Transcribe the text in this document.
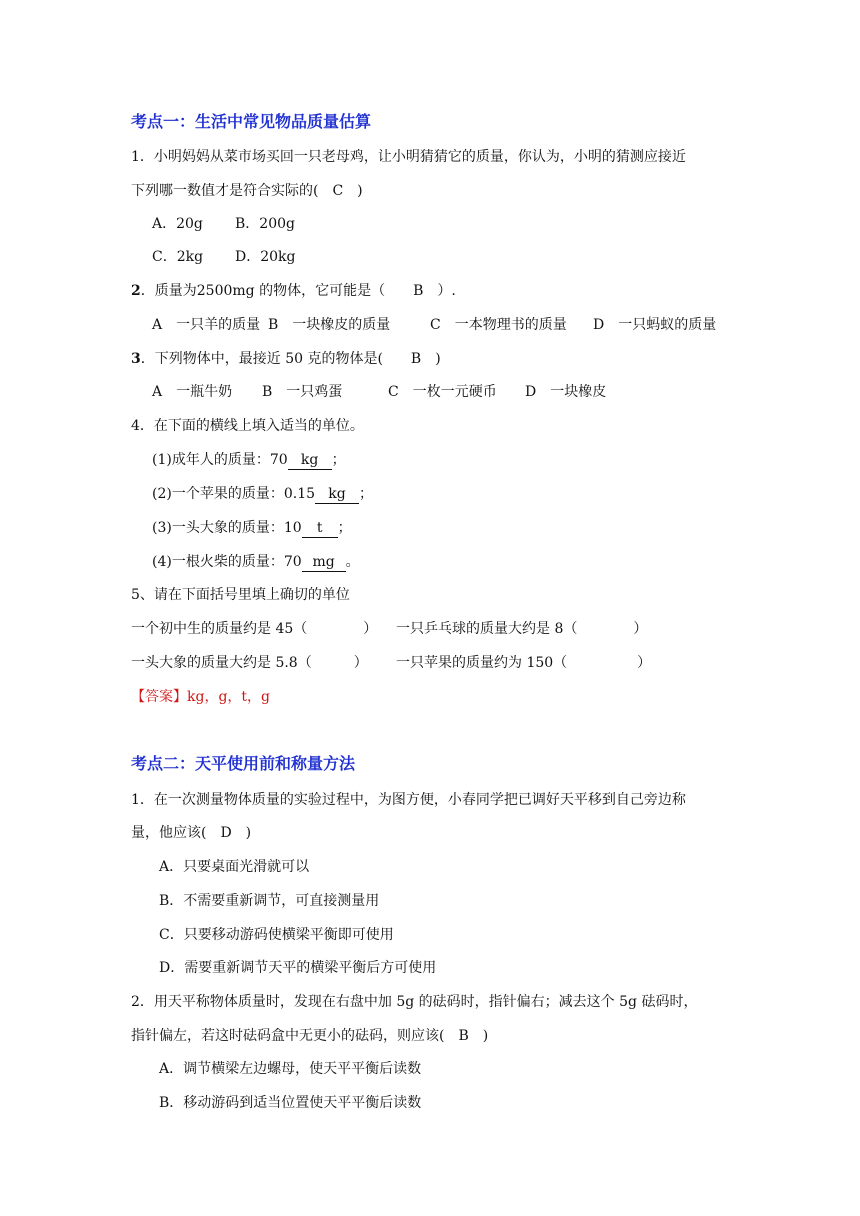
考点一：生活中常见物品质量估算
1．小明妈妈从菜市场买回一只老母鸡，让小明猜猜它的质量，你认为，小明的猜测应接近
下列哪一数值才是符合实际的(　C　)
A．20g B．200g
C．2kg D．20kg
2．质量为2500mg 的物体，它可能是（　　B　）.
A　一只羊的质量 B　一块橡皮的质量	C　一本物理书的质量 D　一只蚂蚁的质量
3．下列物体中，最接近 50 克的物体是(　　B　)
A　一瓶牛奶 B　一只鸡蛋	C　一枚一元硬币 D　一块橡皮
4．在下面的横线上填入适当的单位。
(1)成年人的质量：70 kg ；
(2)一个苹果的质量：0.15 kg ；
(3)一头大象的质量：10 t ；
(4)一根火柴的质量：70 mg 。
5、请在下面括号里填上确切的单位
一个初中生的质量约是 45（　　　　） 一只乒乓球的质量大约是 8（　　　　）
一头大象的质量大约是 5.8（　　　） 一只苹果的质量约为 150（　　　　　）
【答案】kg，g，t，g
考点二：天平使用前和称量方法
1．在一次测量物体质量的实验过程中，为图方便，小春同学把已调好天平移到自己旁边称
量，他应该(　D　)
A．只要桌面光滑就可以
B．不需要重新调节，可直接测量用
C．只要移动游码使横梁平衡即可使用
D．需要重新调节天平的横梁平衡后方可使用
2．用天平称物体质量时，发现在右盘中加 5g 的砝码时，指针偏右；减去这个 5g 砝码时，
指针偏左，若这时砝码盒中无更小的砝码，则应该(　B　)
A．调节横梁左边螺母，使天平平衡后读数
B．移动游码到适当位置使天平平衡后读数
